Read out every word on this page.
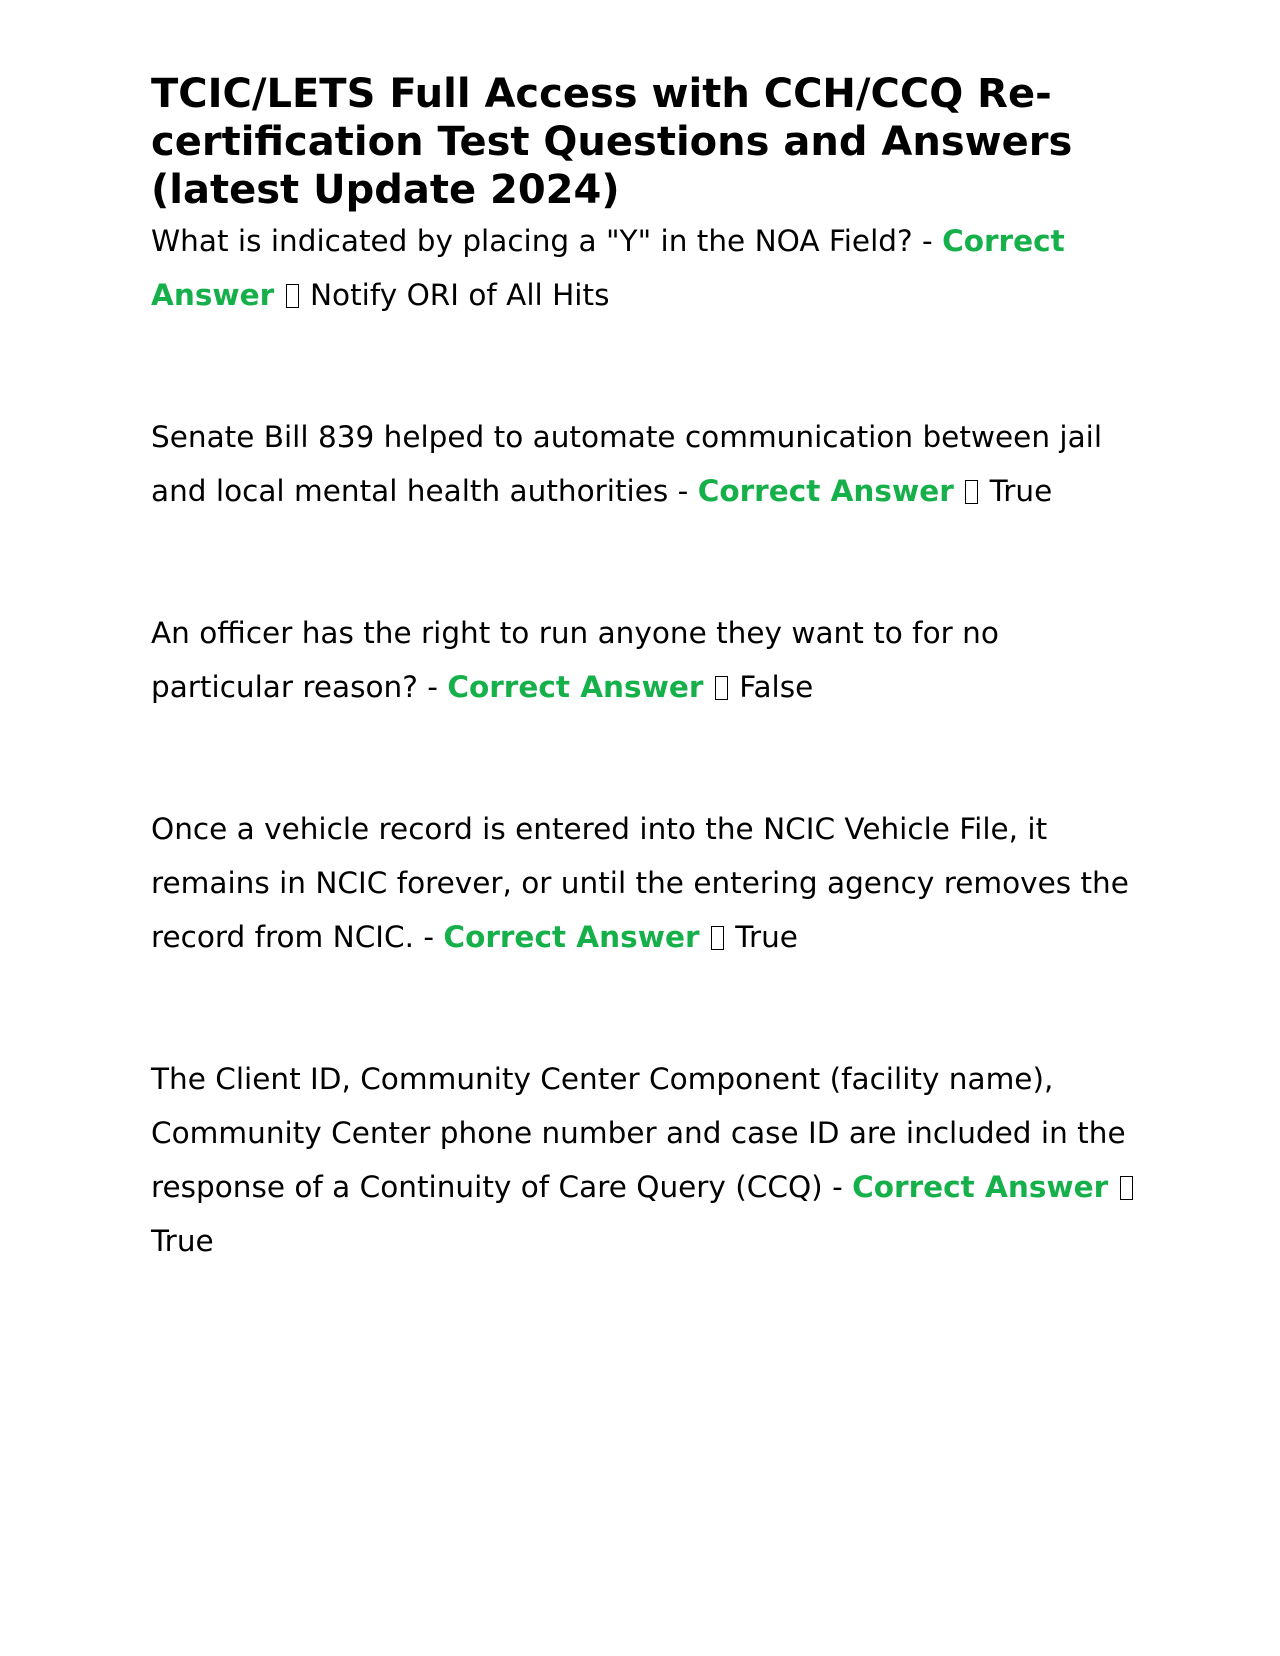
TCIC/LETS Full Access with CCH/CCQ Re-certification Test Questions and Answers (latest Update 2024)

What is indicated by placing a "Y" in the NOA Field? - Correct Answer Notify ORI of All Hits

Senate Bill 839 helped to automate communication between jail and local mental health authorities - Correct Answer True

An officer has the right to run anyone they want to for no particular reason? - Correct Answer False

Once a vehicle record is entered into the NCIC Vehicle File, it remains in NCIC forever, or until the entering agency removes the record from NCIC. - Correct Answer True

The Client ID, Community Center Component (facility name), Community Center phone number and case ID are included in the response of a Continuity of Care Query (CCQ) - Correct Answer  True
